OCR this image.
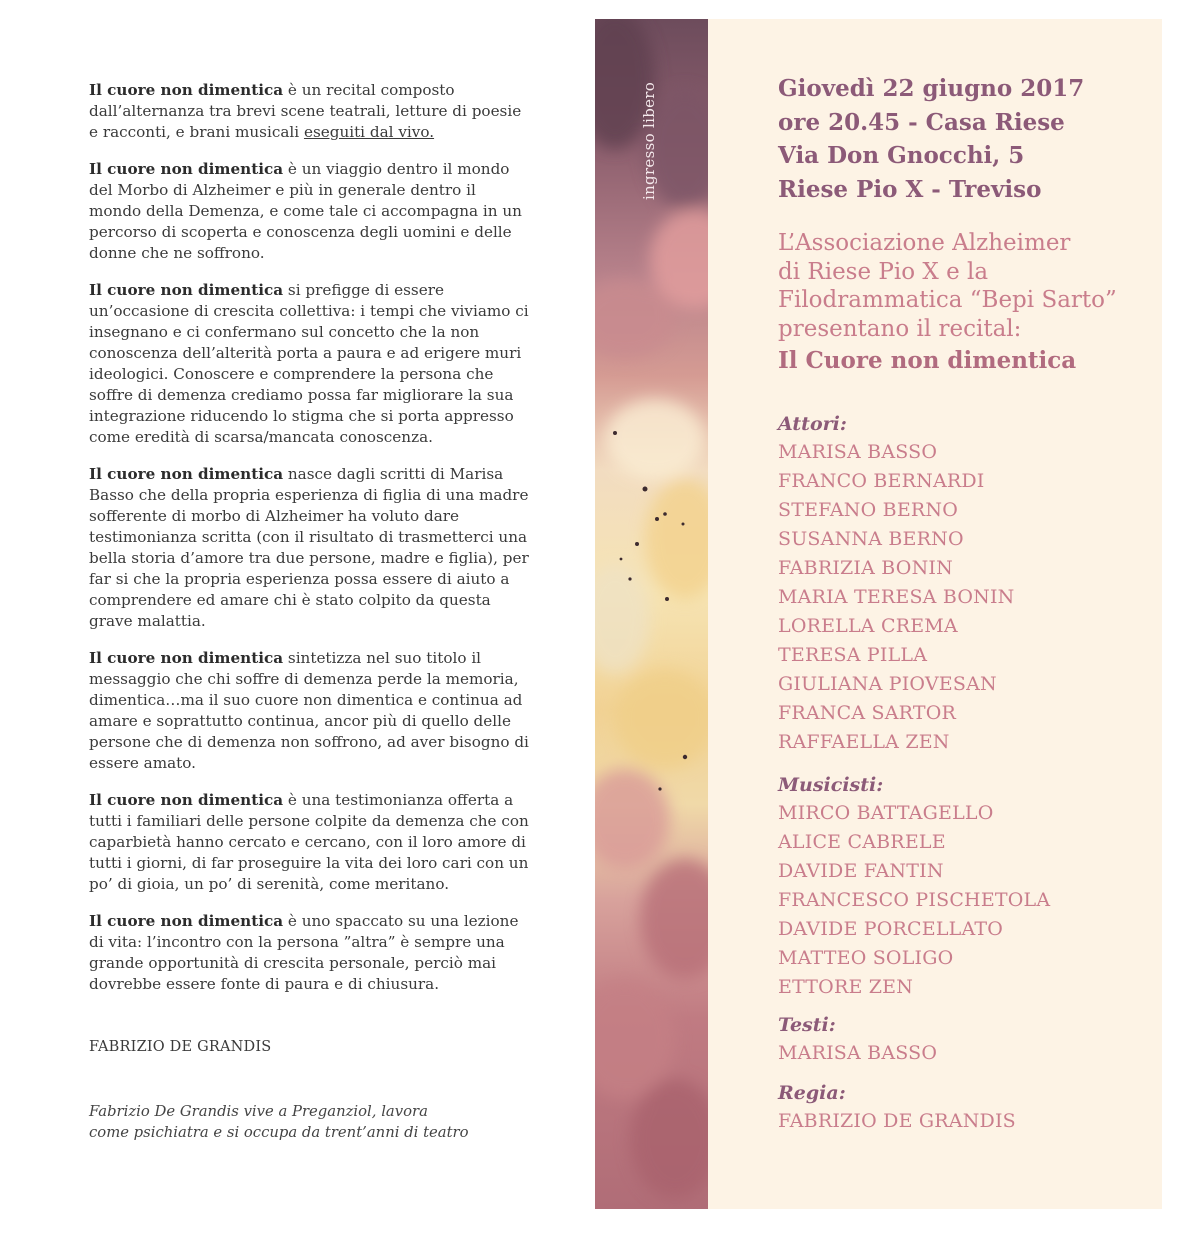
Il cuore non dimentica è un recital composto dall’alternanza tra brevi scene teatrali, letture di poesie e racconti, e brani musicali eseguiti dal vivo.

Il cuore non dimentica è un viaggio dentro il mondo del Morbo di Alzheimer e più in generale dentro il mondo della Demenza, e come tale ci accompagna in un percorso di scoperta e conoscenza degli uomini e delle donne che ne soffrono.

Il cuore non dimentica si prefigge di essere un’occasione di crescita collettiva: i tempi che viviamo ci insegnano e ci confermano sul concetto che la non conoscenza dell’alterità porta a paura e ad erigere muri ideologici. Conoscere e comprendere la persona che soffre di demenza crediamo possa far migliorare la sua integrazione riducendo lo stigma che si porta appresso come eredità di scarsa/mancata conoscenza.

Il cuore non dimentica nasce dagli scritti di Marisa Basso che della propria esperienza di figlia di una madre sofferente di morbo di Alzheimer ha voluto dare testimonianza scritta (con il risultato di trasmetterci una bella storia d’amore tra due persone, madre e figlia), per far si che la propria esperienza possa essere di aiuto a comprendere ed amare chi è stato colpito da questa grave malattia.

Il cuore non dimentica sintetizza nel suo titolo il messaggio che chi soffre di demenza perde la memoria, dimentica…ma il suo cuore non dimentica e continua ad amare e soprattutto continua, ancor più di quello delle persone che di demenza non soffrono, ad aver bisogno di essere amato.

Il cuore non dimentica è una testimonianza offerta a tutti i familiari delle persone colpite da demenza che con caparbietà hanno cercato e cercano, con il loro amore di tutti i giorni, di far proseguire la vita dei loro cari con un po’ di gioia, un po’ di serenità, come meritano.

Il cuore non dimentica è uno spaccato su una lezione di vita: l’incontro con la persona ”altra” è sempre una grande opportunità di crescita personale, perciò mai dovrebbe essere fonte di paura e di chiusura.

FABRIZIO DE GRANDIS
Fabrizio De Grandis vive a Preganziol, lavora come psichiatra e si occupa da trent’anni di teatro
ingresso libero	Giovedì 22 giugno 2017
ore 20.45 - Casa Riese
Via Don Gnocchi, 5
Riese Pio X - Treviso
L’Associazione Alzheimer
di Riese Pio X e la
Filodrammatica “Bepi Sarto”
presentano il recital:
Il Cuore non dimentica
Attori:
MARISA BASSO
FRANCO BERNARDI
STEFANO BERNO
SUSANNA BERNO
FABRIZIA BONIN
MARIA TERESA BONIN
LORELLA CREMA
TERESA PILLA
GIULIANA PIOVESAN
FRANCA SARTOR
RAFFAELLA ZEN
Musicisti:
MIRCO BATTAGELLO
ALICE CABRELE
DAVIDE FANTIN
FRANCESCO PISCHETOLA
DAVIDE PORCELLATO
MATTEO SOLIGO
ETTORE ZEN
Testi:
MARISA BASSO
Regia:
FABRIZIO DE GRANDIS
